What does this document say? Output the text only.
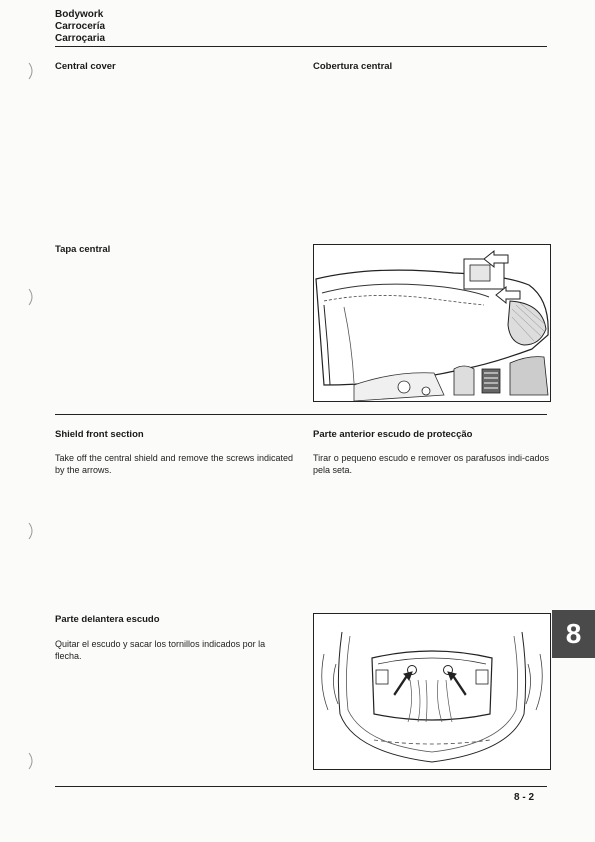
Bodywork
Carrocería
Carroçaria
Central cover	Cobertura central
Tapa central
Shield front section	Parte anterior escudo de protecção
Take off the central shield and remove the screws indicated by the arrows.
Tirar o pequeno escudo e remover os parafusos indi-cados pela seta.
Parte delantera escudo
Quitar el escudo y sacar los tornillos indicados por la flecha.
8
8 - 2
